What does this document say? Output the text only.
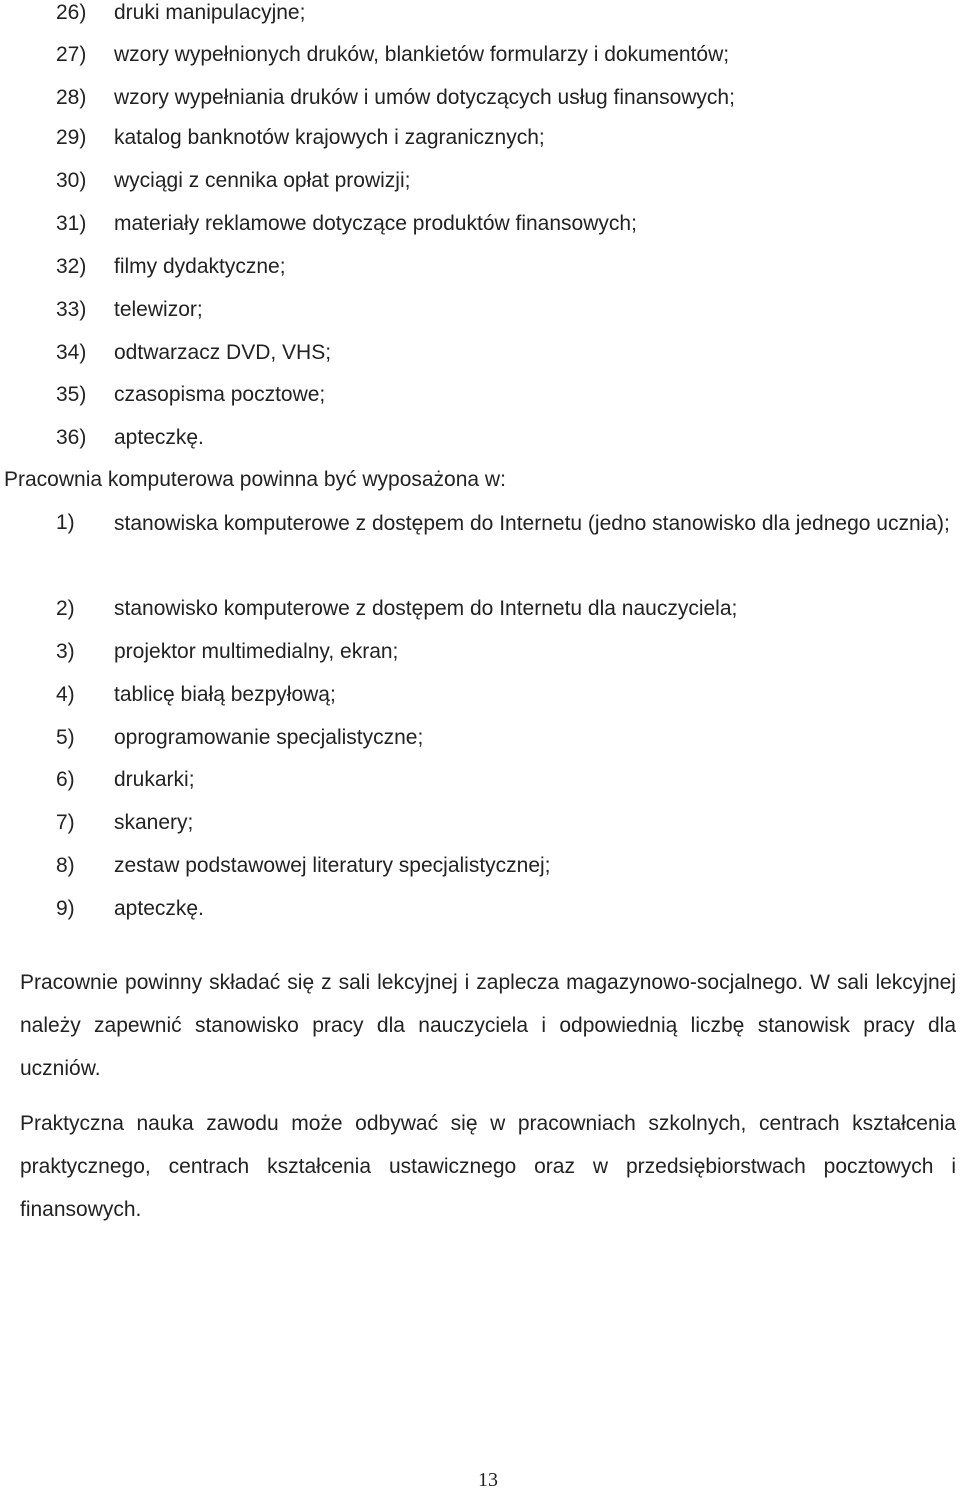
26)	druki manipulacyjne;
27)	wzory wypełnionych druków, blankietów formularzy i dokumentów;
28)	wzory wypełniania druków i umów dotyczących usług finansowych;
29)	katalog banknotów krajowych i zagranicznych;
30)	wyciągi z cennika opłat prowizji;
31)	materiały reklamowe dotyczące produktów finansowych;
32)	filmy dydaktyczne;
33)	telewizor;
34)	odtwarzacz DVD, VHS;
35)	czasopisma pocztowe;
36)	apteczkę.
Pracownia komputerowa powinna być wyposażona w:
1)	stanowiska komputerowe z dostępem do Internetu (jedno stanowisko dla jednego ucznia);
2)	stanowisko komputerowe z dostępem do Internetu dla nauczyciela;
3)	projektor multimedialny, ekran;
4)	tablicę białą bezpyłową;
5)	oprogramowanie specjalistyczne;
6)	drukarki;
7)	skanery;
8)	zestaw podstawowej literatury specjalistycznej;
9)	apteczkę.

Pracownie powinny składać się z sali lekcyjnej i zaplecza magazynowo-socjalnego. W sali lekcyjnej należy zapewnić stanowisko pracy dla nauczyciela i odpowiednią liczbę stanowisk pracy dla uczniów.

Praktyczna nauka zawodu może odbywać się w pracowniach szkolnych, centrach kształcenia praktycznego, centrach kształcenia ustawicznego oraz w przedsiębiorstwach pocztowych i finansowych.

13
